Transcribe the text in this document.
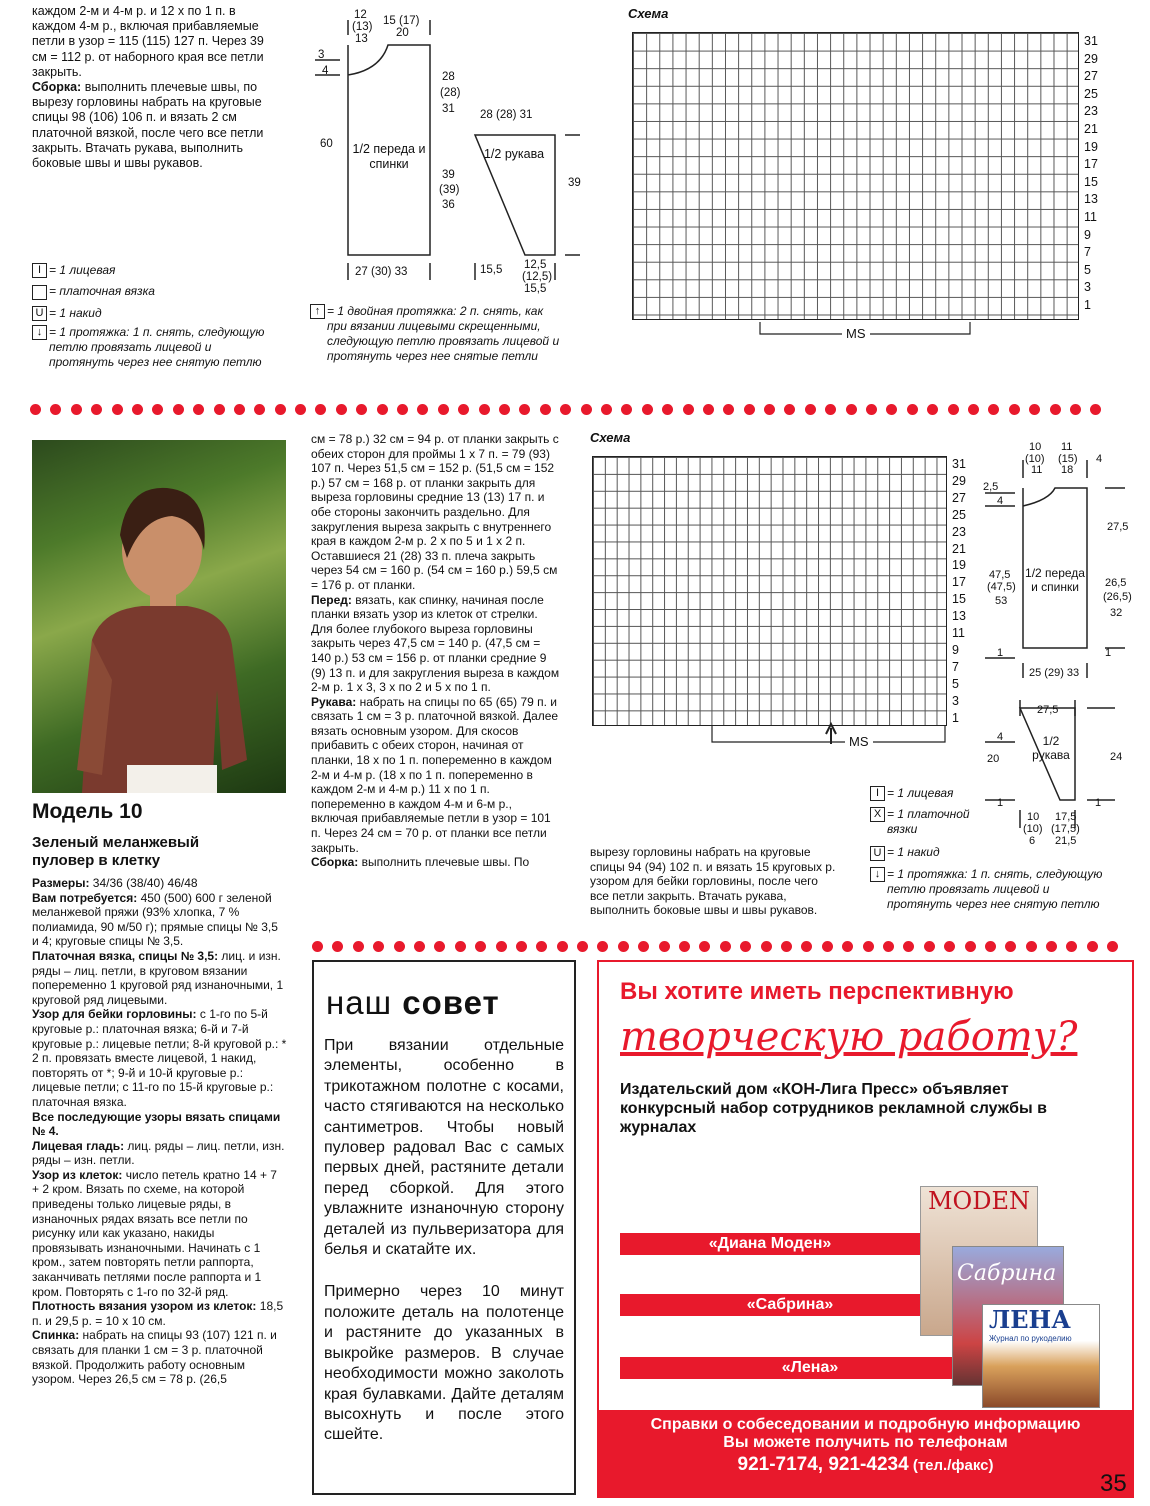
каждом 2-м и 4-м р. и 12 х по 1 п. в каждом 4-м р., включая прибавляемые петли в узор = 115 (115) 127 п. Через 39 см = 112 р. от наборного края все петли закрыть.

Сборка: выполнить плечевые швы, по вырезу горловины набрать на круговые спицы 98 (106) 106 п. и вязать 2 см платочной вязкой, после чего все петли закрыть. Втачать рукава, выполнить боковые швы и швы рукавов.

12
(13)
13
15 (17)
20
3
4	28
(28)
31
60
28 (28) 31
39
(39)
36
39
27 (30) 33	15,5 12,5
(12,5)
15,5
1/2 переда и спинки
1/2 рукава
I = 1 лицевая
= платочная вязка
U = 1 накид
↓ = 1 протяжка: 1 п. снять, следующую петлю провязать лицевой и протянуть через нее снятую петлю
↑ = 1 двойная протяжка: 2 п. снять, как при вязании лицевыми скрещенными, следующую петлю провязать лицевой и протянуть через нее снятые петли
Схема
31
29
27
25
23
21
19
17
15
13
11
9
7
5
3
1
MS
Модель 10
Зеленый меланжевый пуловер в клетку

Размеры: 34/36 (38/40) 46/48

Вам потребуется: 450 (500) 600 г зеленой меланжевой пряжи (93% хлопка, 7 % полиамида, 90 м/50 г); прямые спицы № 3,5 и 4; круговые спицы № 3,5.

Платочная вязка, спицы № 3,5: лиц. и изн. ряды – лиц. петли, в круговом вязании попеременно 1 круговой ряд изнаночными, 1 круговой ряд лицевыми.

Узор для бейки горловины: с 1-го по 5-й круговые р.: платочная вязка; 6-й и 7-й круговые р.: лицевые петли; 8-й круговой р.: * 2 п. провязать вместе лицевой, 1 накид, повторять от *; 9-й и 10-й круговые р.: лицевые петли; с 11-го по 15-й круговые р.: платочная вязка.

Все последующие узоры вязать спицами № 4.

Лицевая гладь: лиц. ряды – лиц. петли, изн. ряды – изн. петли.

Узор из клеток: число петель кратно 14 + 7 + 2 кром. Вязать по схеме, на которой приведены только лицевые ряды, в изнаночных рядах вязать все петли по рисунку или как указано, накиды провязывать изнаночными. Начинать с 1 кром., затем повторять петли раппорта, заканчивать петлями после раппорта и 1 кром. Повторять с 1-го по 32-й ряд.

Плотность вязания узором из клеток: 18,5 п. и 29,5 р. = 10 х 10 см.

Спинка: набрать на спицы 93 (107) 121 п. и связать для планки 1 см = 3 р. платочной вязкой. Продолжить работу основным узором. Через 26,5 см = 78 р. (26,5

см = 78 р.) 32 см = 94 р. от планки закрыть с обеих сторон для проймы 1 х 7 п. = 79 (93) 107 п. Через 51,5 см = 152 р. (51,5 см = 152 р.) 57 см = 168 р. от планки закрыть для выреза горловины средние 13 (13) 17 п. и обе стороны закончить раздельно. Для закругления выреза закрыть с внутреннего края в каждом 2-м р. 2 х по 5 и 1 х 2 п. Оставшиеся 21 (28) 33 п. плеча закрыть через 54 см = 160 р. (54 см = 160 р.) 59,5 см = 176 р. от планки.

Перед: вязать, как спинку, начиная после планки вязать узор из клеток от стрелки. Для более глубокого выреза горловины закрыть через 47,5 см = 140 р. (47,5 см = 140 р.) 53 см = 156 р. от планки средние 9 (9) 13 п. и для закругления выреза в каждом 2-м р. 1 х 3, 3 х по 2 и 5 х по 1 п.

Рукава: набрать на спицы по 65 (65) 79 п. и связать 1 см = 3 р. платочной вязкой. Далее вязать основным узором. Для скосов прибавить с обеих сторон, начиная от планки, 18 х по 1 п. попеременно в каждом 2-м и 4-м р. (18 х по 1 п. попеременно в каждом 2-м и 4-м р.) 11 х по 1 п. попеременно в каждом 4-м и 6-м р., включая прибавляемые петли в узор = 101 п. Через 24 см = 70 р. от планки все петли закрыть.

Сборка: выполнить плечевые швы. По

Схема
31
29
27
25
23
21
19
17
15
13
11
9
7
5
3
1
MS
вырезу горловины набрать на круговые спицы 94 (94) 102 п. и вязать 15 круговых р. узором для бейки горловины, после чего все петли закрыть. Втачать рукава, выполнить боковые швы и швы рукавов.
10
(10)
11
11
(15)
18
4
2,5
4
27,5
47,5
(47,5)
53
26,5
(26,5)
32
1	1
25 (29) 33
27,5
4
20	24
1	1
10
(10)
6
17,5
(17,5)
21,5
1/2 переда и спинки
1/2 рукава
I = 1 лицевая
X = 1 платочной вязки
U = 1 накид
↓ = 1 протяжка: 1 п. снять, следующую петлю провязать лицевой и протянуть через нее снятую петлю
наш совет

При вязании отдельные элементы, особенно в трикотажном полотне с косами, часто стягиваются на несколько сантиметров. Чтобы новый пуловер радовал Вас с самых первых дней, растяните детали перед сборкой. Для этого увлажните изнаночную сторону деталей из пульверизатора для белья и скатайте их.

Примерно через 10 минут положите деталь на полотенце и растяните до указанных в выкройке размеров. В случае необходимости можно заколоть края булавками. Дайте деталям высохнуть и после этого сшейте.

Вы хотите иметь перспективную
творческую работу?
Издательский дом «КОН-Лига Пресс» объявляет конкурсный набор сотрудников рекламной службы в журналах
«Диана Моден»
«Сабрина»
«Лена»
MODEN
Сабрина
ЛЕНА
Журнал по рукоделию
Справки о собеседовании и подробную информацию
Вы можете получить по телефонам
921-7174, 921-4234 (тел./факс)
35
